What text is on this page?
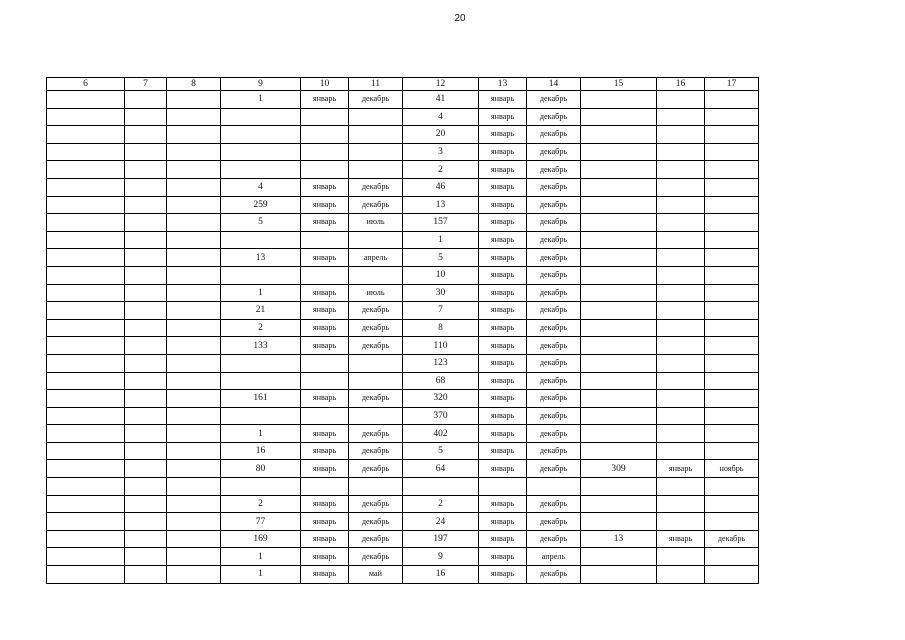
20
6	7	8	9	10	11	12	13	14	15	16	17
			1	январь	декабрь	41	январь	декабрь			
						4	январь	декабрь			
						20	январь	декабрь			
						3	январь	декабрь			
						2	январь	декабрь			
			4	январь	декабрь	46	январь	декабрь			
			259	январь	декабрь	13	январь	декабрь			
			5	январь	июль	157	январь	декабрь			
						1	январь	декабрь			
			13	январь	апрель	5	январь	декабрь			
						10	январь	декабрь			
			1	январь	июль	30	январь	декабрь			
			21	январь	декабрь	7	январь	декабрь			
			2	январь	декабрь	8	январь	декабрь			
			133	январь	декабрь	110	январь	декабрь			
						123	январь	декабрь			
						68	январь	декабрь			
			161	январь	декабрь	320	январь	декабрь			
						370	январь	декабрь			
			1	январь	декабрь	402	январь	декабрь			
			16	январь	декабрь	5	январь	декабрь			
			80	январь	декабрь	64	январь	декабрь	309	январь	ноябрь

			2	январь	декабрь	2	январь	декабрь			
			77	январь	декабрь	24	январь	декабрь			
			169	январь	декабрь	197	январь	декабрь	13	январь	декабрь
			1	январь	декабрь	9	январь	апрель			
			1	январь	май	16	январь	декабрь			
